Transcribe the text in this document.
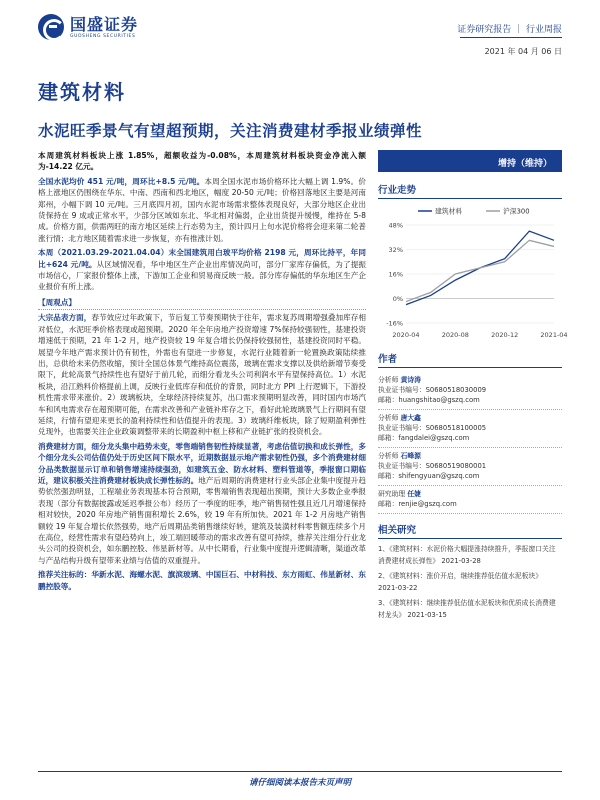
国盛证券
GUOSHENG SECURITIES
证券研究报告 ｜ 行业周报
2021 年 04 月 06 日
建筑材料
水泥旺季景气有望超预期，关注消费建材季报业绩弹性

本周建筑材料板块上涨 1.85%，超额收益为-0.08%，本周建筑材料板块资金净流入额为-14.22 亿元。

全国水泥均价 451 元/吨，周环比+8.5 元/吨。本周全国水泥市场价格环比大幅上调 1.9%。价格上涨地区仍围绕在华东、中南、西南和西北地区，幅度 20-50 元/吨；价格回落地区主要是河南郑州，小幅下调 10 元/吨。三月底四月初，国内水泥市场需求整体表现良好，大部分地区企业出货保持在 9 成或正常水平，少部分区域如东北、华北相对偏弱，企业出货提升缓慢，维持在 5-8 成。价格方面，供需两旺的南方地区延续上行态势为主，预计四月上旬水泥价格将会迎来第二轮普涨行情；北方地区随着需求进一步恢复，亦有推涨计划。

本周（2021.03.29-2021.04.04）末全国建筑用白玻平均价格 2198 元，周环比持平，年同比+624 元/吨。从区域情况看，华中地区生产企业出库情况尚可，部分厂家库存偏低，为了提振市场信心，厂家报价整体上涨，下游加工企业和贸易商反映一般。部分库存偏低的华东地区生产企业报价有所上涨。

【周观点】

大宗品表方面，春节效应过年政策下，节后复工节奏预期快于往年，需求复苏周期增强叠加库存相对低位，水泥旺季价格表现或超预期。2020 年全年房地产投资增速 7%保持较强韧性，基建投资增速低于预期，21 年 1-2 月，地产投资较 19 年复合增长仍保持较强韧性，基建投资同时平稳。展望今年地产需求预计仍有韧性，外需也有望进一步修复，水泥行业随着新一轮置换政策陆续推出，总供给未来仍然收缩，预计全国总体景气维持高位震荡，玻璃在需求支撑以及供给新增节奏受限下，此轮高景气持续性也有望好于前几轮，而细分看龙头公司利润水平有望保持高位。1）水泥板块，沿江熟料价格提前上调，反映行业低库存和低价的背景，同时北方 PPI 上行逻辑下，下游投机性需求带来涨价。2）玻璃板块，全球经济持续复苏，出口需求预期明显改善，同时国内市场汽车和风电需求存在超预期可能，在需求改善和产业链补库存之下，看好此轮玻璃景气上行期间有望延续，行情有望迎来更长的盈利持续性和估值提升的表现。3）玻璃纤维板块，除了短期盈利弹性兑现外，也需要关注企业政策调整带来的长期盈利中枢上移和产业链扩张的投资机会。

消费建材方面，细分龙头集中趋势未变，零售端销售韧性持续显著，考虑估值切换和成长弹性，多个细分龙头公司估值仍处于历史区间下限水平，近期数据显示地产需求韧性仍强，多个消费建材细分品类数据显示订单和销售增速持续强劲，如建筑五金、防水材料、塑料管道等，季报窗口期临近，建议积极关注消费建材板块成长弹性标的。地产后周期的消费建材行业头部企业集中度提升趋势依然强劲明显，工程端业务表现基本符合预期，零售端销售表现超出预期，预计大多数企业季报表现（部分有数据披露或延迟季报公布）经历了一季度的旺季，地产销售韧性强且近几月增速保持相对较快，2020 年房地产销售面积增长 2.6%，较 19 年有所加快。2021 年 1-2 月房地产销售额较 19 年复合增长依然强势，地产后周期品类销售继续好转，建筑及装潢材料零售额连续多个月在高位，经营性需求有望趋势向上，竣工端回暖带动的需求改善有望可持续，推荐关注细分行业龙头公司的投资机会，如东鹏控股、伟星新材等。从中长期看，行业集中度提升逻辑清晰，渠道改革与产品结构升级有望带来业绩与估值的双重提升。

推荐关注标的：华新水泥、海螺水泥、旗滨玻璃、中国巨石、中材科技、东方雨虹、伟星新材、东鹏控股等。

增持（维持）
行业走势
48%
32%
16%
0%
-16%
2020-04	2020-08	2020-12	2021-04
建筑材料	沪深300
作者
分析师 黄诗涛
执业证书编号：S0680518030009
邮箱：huangshitao@gszq.com
分析师 唐大鑫
执业证书编号：S0680518100005
邮箱：fangdalei@gszq.com
分析师 石峰源
执业证书编号：S0680519080001
邮箱：shifengyuan@gszq.com
研究助理 任婕
邮箱：renjie@gszq.com
相关研究
1、《建筑材料：水泥价格大幅提涨持续推升，季报窗口关注消费建材成长弹性》 2021-03-28
2、《建筑材料：涨价开启，继续推荐低估值水泥板块》 2021-03-22
3、《建筑材料：继续推荐低估值水泥板块和优质成长消费建材龙头》 2021-03-15
请仔细阅读本报告末页声明
